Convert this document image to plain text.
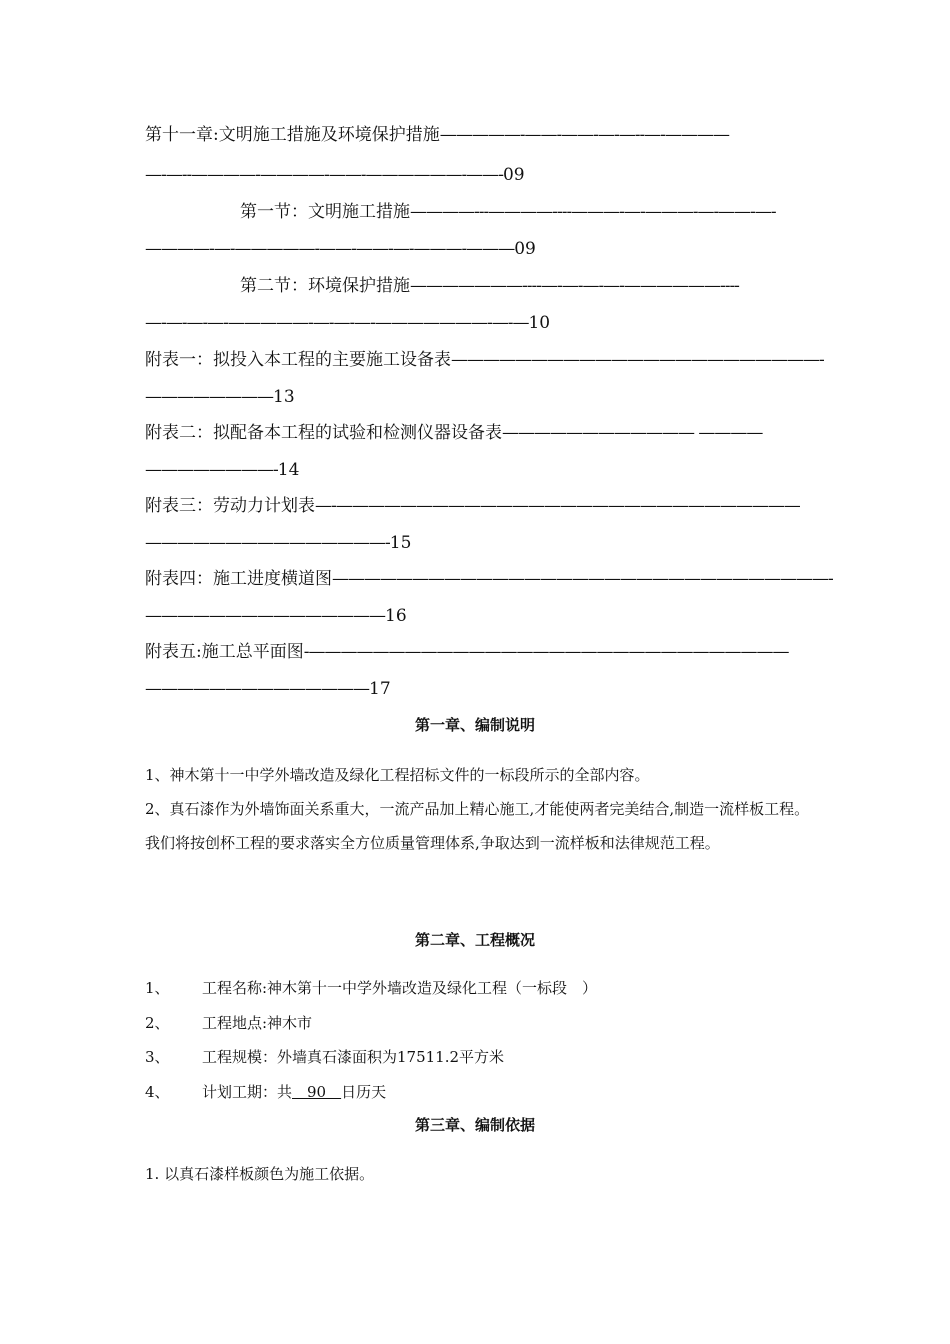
第十一章:文明施工措施及环境保护措施—————-——-——-—-—--—-————
—-—--————-————-——-——————-——-09
第一节：文明施工措施————---————----———-—-———-—-——-—-
————-—-—————-——-——-—-———-———09
第二节：环境保护措施———————----—-—-—-—-——————----
—-—-—-—-—————-—-—-—-———————-—-—10
附表一：拟投入本工程的主要施工设备表———————————————————————-
————————13
附表二：拟配备本工程的试验和检测仪器设备表———————————— ————
————————-14
附表三：劳动力计划表—-—————————————————————————————
———————————————-15
附表四：施工进度横道图———————————————————————————————-
———————————————16
附表五:施工总平面图-——————————————————————————————
——————————————17
第一章、编制说明
1、神木第十一中学外墙改造及绿化工程招标文件的一标段所示的全部内容。
2、真石漆作为外墙饰面关系重大，一流产品加上精心施工,才能使两者完美结合,制造一流样板工程。我们将按创杯工程的要求落实全方位质量管理体系,争取达到一流样板和法律规范工程。
第二章、工程概况
1、 工程名称:神木第十一中学外墙改造及绿化工程（一标段　）
2、 工程地点:神木市
3、 工程规模：外墙真石漆面积为17511.2平方米
4、 计划工期：共　90　日历天
第三章、编制依据
1. 以真石漆样板颜色为施工依据。
